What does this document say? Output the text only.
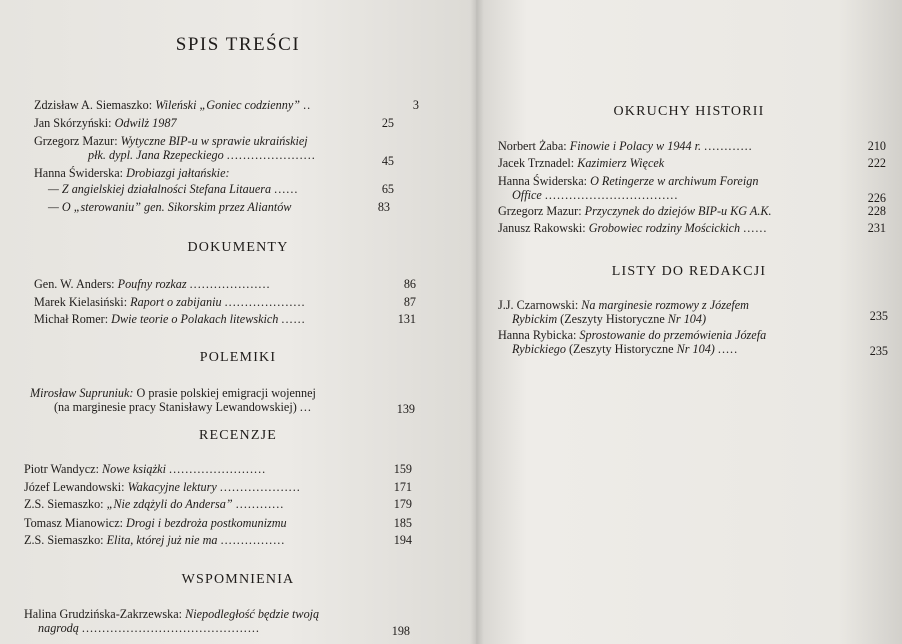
SPIS TREŚCI
Zdzisław A. Siemaszko: Wileński „Goniec codzienny” ..	3
Jan Skórzyński: Odwilż 1987	25
Grzegorz Mazur: Wytyczne BIP-u w sprawie ukraińskiej
płk. dypl. Jana Rzepeckiego ......................	45
Hanna Świderska: Drobiazgi jałtańskie:
— Z angielskiej działalności Stefana Litauera ......	65
— O „sterowaniu” gen. Sikorskim przez Aliantów	83
DOKUMENTY
Gen. W. Anders: Poufny rozkaz ....................	86
Marek Kielasiński: Raport o zabijaniu ....................	87
Michał Romer: Dwie teorie o Polakach litewskich ......	131
POLEMIKI
Mirosław Supruniuk: O prasie polskiej emigracji wojennej
(na marginesie pracy Stanisławy Lewandowskiej) ...	139
RECENZJE
Piotr Wandycz: Nowe książki ........................	159
Józef Lewandowski: Wakacyjne lektury ....................	171
Z.S. Siemaszko: „Nie zdążyli do Andersa” ............	179
Tomasz Mianowicz: Drogi i bezdroża postkomunizmu	185
Z.S. Siemaszko: Elita, której już nie ma ................	194
WSPOMNIENIA
Halina Grudzińska-Zakrzewska: Niepodległość będzie twoją
nagrodą ............................................	198
OKRUCHY HISTORII
Norbert Żaba: Finowie i Polacy w 1944 r. ............	210
Jacek Trznadel: Kazimierz Więcek	222
Hanna Świderska: O Retingerze w archiwum Foreign
Office .................................	226
Grzegorz Mazur: Przyczynek do dziejów BIP-u KG A.K.	228
Janusz Rakowski: Grobowiec rodziny Mościckich ......	231
LISTY DO REDAKCJI
J.J. Czarnowski: Na marginesie rozmowy z Józefem
Rybickim (Zeszyty Historyczne Nr 104)	235
Hanna Rybicka: Sprostowanie do przemówienia Józefa
Rybickiego (Zeszyty Historyczne Nr 104) .....	235
